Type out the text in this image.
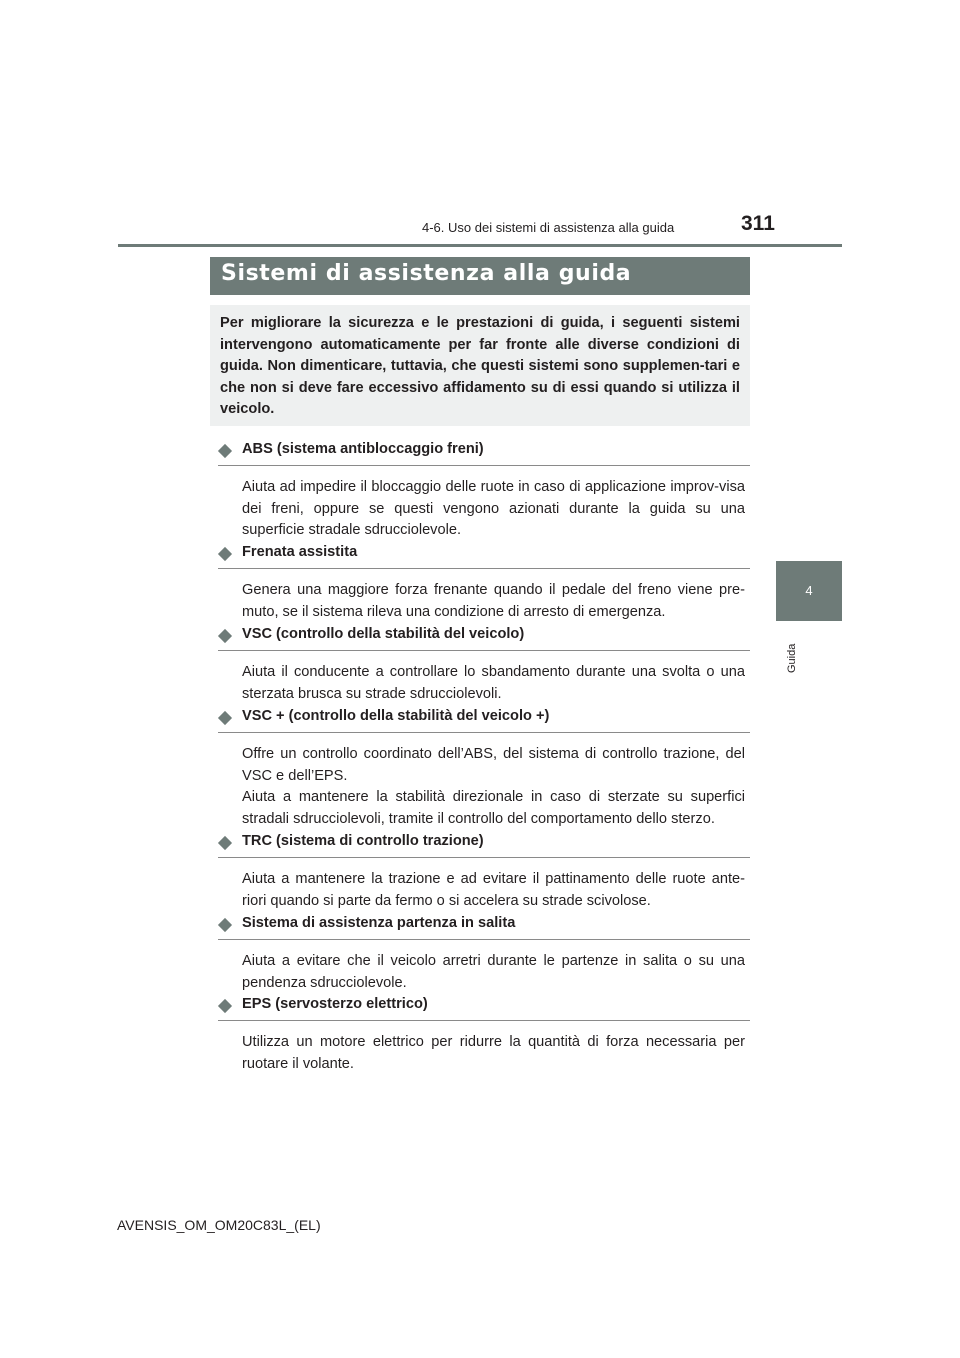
4-6. Uso dei sistemi di assistenza alla guida	311
4
Guida
Sistemi di assistenza alla guida
Per migliorare la sicurezza e le prestazioni di guida, i seguenti sistemi intervengono automaticamente per far fronte alle diverse condizioni di guida. Non dimenticare, tuttavia, che questi sistemi sono supplemen-tari e che non si deve fare eccessivo affidamento su di essi quando si utilizza il veicolo.
ABS (sistema antibloccaggio freni)

Aiuta ad impedire il bloccaggio delle ruote in caso di applicazione improv-visa dei freni, oppure se questi vengono azionati durante la guida su una superficie stradale sdrucciolevole.

Frenata assistita

Genera una maggiore forza frenante quando il pedale del freno viene pre-muto, se il sistema rileva una condizione di arresto di emergenza.

VSC (controllo della stabilità del veicolo)

Aiuta il conducente a controllare lo sbandamento durante una svolta o una sterzata brusca su strade sdrucciolevoli.

VSC + (controllo della stabilità del veicolo +)

Offre un controllo coordinato dell’ABS, del sistema di controllo trazione, del VSC e dell’EPS.

Aiuta a mantenere la stabilità direzionale in caso di sterzate su superfici stradali sdrucciolevoli, tramite il controllo del comportamento dello sterzo.

TRC (sistema di controllo trazione)

Aiuta a mantenere la trazione e ad evitare il pattinamento delle ruote ante-riori quando si parte da fermo o si accelera su strade scivolose.

Sistema di assistenza partenza in salita

Aiuta a evitare che il veicolo arretri durante le partenze in salita o su una pendenza sdrucciolevole.

EPS (servosterzo elettrico)

Utilizza un motore elettrico per ridurre la quantità di forza necessaria per ruotare il volante.

AVENSIS_OM_OM20C83L_(EL)
